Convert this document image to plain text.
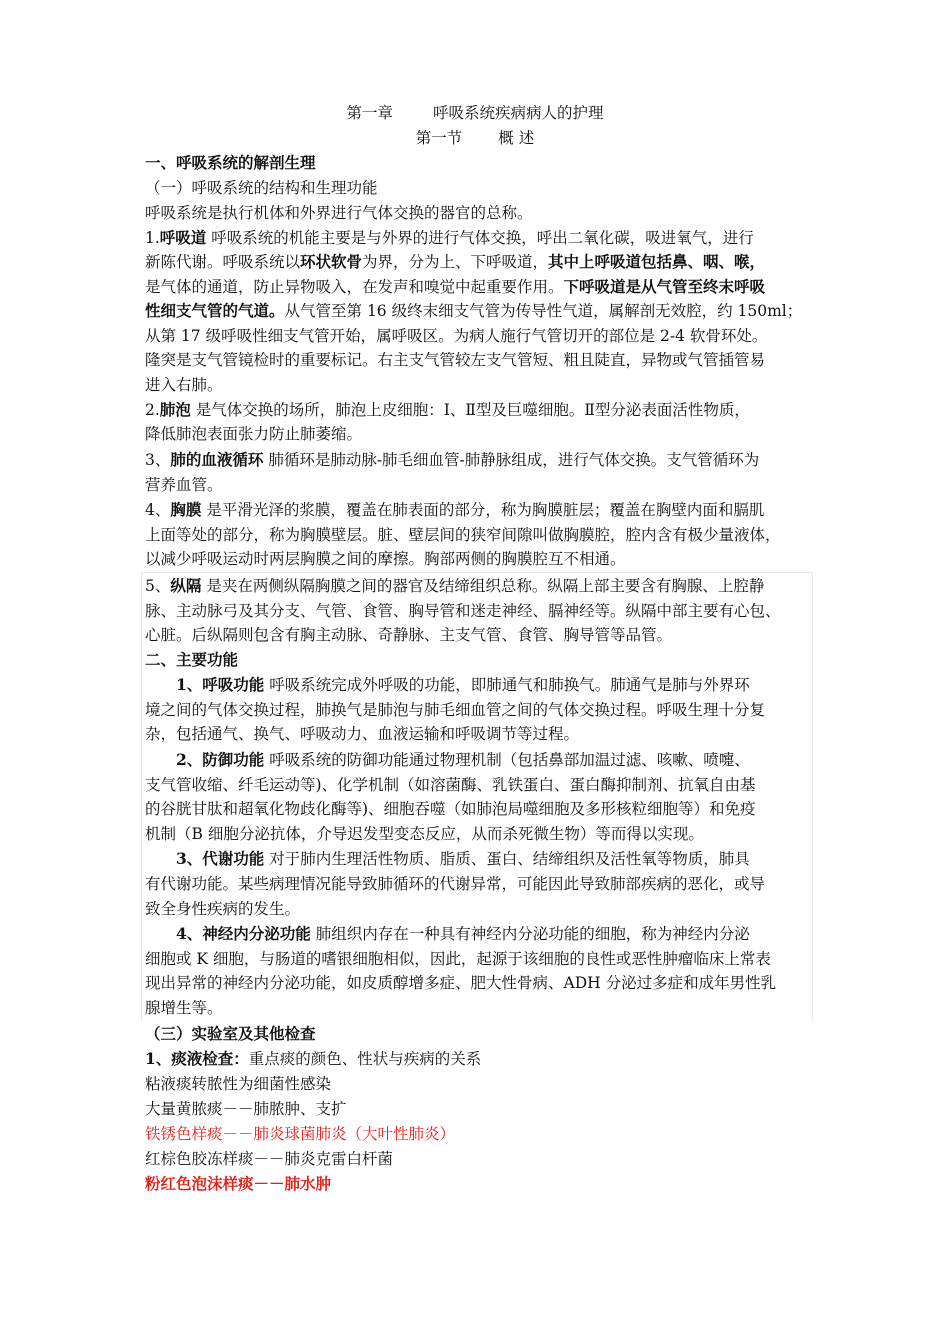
第一章	呼吸系统疾病病人的护理
第一节 概 述
一、呼吸系统的解剖生理
（一）呼吸系统的结构和生理功能
呼吸系统是执行机体和外界进行气体交换的器官的总称。
1.呼吸道 呼吸系统的机能主要是与外界的进行气体交换，呼出二氧化碳，吸进氧气，进行
新陈代谢。呼吸系统以环状软骨为界，分为上、下呼吸道，其中上呼吸道包括鼻、咽、喉，
是气体的通道，防止异物吸入，在发声和嗅觉中起重要作用。下呼吸道是从气管至终末呼吸
性细支气管的气道。从气管至第 16 级终末细支气管为传导性气道，属解剖无效腔，约 150ml；
从第 17 级呼吸性细支气管开始，属呼吸区。为病人施行气管切开的部位是 2-4 软骨环处。
隆突是支气管镜检时的重要标记。右主支气管较左支气管短、粗且陡直，异物或气管插管易
进入右肺。
2.肺泡 是气体交换的场所，肺泡上皮细胞：Ⅰ、Ⅱ型及巨噬细胞。Ⅱ型分泌表面活性物质，
降低肺泡表面张力防止肺萎缩。
3、肺的血液循环 肺循环是肺动脉-肺毛细血管-肺静脉组成，进行气体交换。支气管循环为
营养血管。
4、胸膜 是平滑光泽的浆膜，覆盖在肺表面的部分，称为胸膜脏层；覆盖在胸壁内面和膈肌
上面等处的部分，称为胸膜壁层。脏、壁层间的狭窄间隙叫做胸膜腔，腔内含有极少量液体，
以减少呼吸运动时两层胸膜之间的摩擦。胸部两侧的胸膜腔互不相通。
5、纵隔 是夹在两侧纵隔胸膜之间的器官及结缔组织总称。纵隔上部主要含有胸腺、上腔静
脉、主动脉弓及其分支、气管、食管、胸导管和迷走神经、膈神经等。纵隔中部主要有心包、
心脏。后纵隔则包含有胸主动脉、奇静脉、主支气管、食管、胸导管等品管。
二、主要功能
1、呼吸功能 呼吸系统完成外呼吸的功能，即肺通气和肺换气。肺通气是肺与外界环
境之间的气体交换过程，肺换气是肺泡与肺毛细血管之间的气体交换过程。呼吸生理十分复
杂，包括通气、换气、呼吸动力、血液运输和呼吸调节等过程。
2、防御功能 呼吸系统的防御功能通过物理机制（包括鼻部加温过滤、咳嗽、喷嚏、
支气管收缩、纤毛运动等)、化学机制（如溶菌酶、乳铁蛋白、蛋白酶抑制剂、抗氧自由基
的谷胱甘肽和超氧化物歧化酶等)、细胞吞噬（如肺泡局噬细胞及多形核粒细胞等）和免疫
机制（B 细胞分泌抗体，介导迟发型变态反应，从而杀死微生物）等而得以实现。
3、代谢功能 对于肺内生理活性物质、脂质、蛋白、结缔组织及活性氧等物质，肺具
有代谢功能。某些病理情况能导致肺循环的代谢异常，可能因此导致肺部疾病的恶化，或导
致全身性疾病的发生。
4、神经内分泌功能 肺组织内存在一种具有神经内分泌功能的细胞，称为神经内分泌
细胞或 K 细胞，与肠道的嗜银细胞相似，因此，起源于该细胞的良性或恶性肿瘤临床上常表
现出异常的神经内分泌功能，如皮质醇增多症、肥大性骨病、ADH 分泌过多症和成年男性乳
腺增生等。
（三）实验室及其他检查
1、痰液检查：重点痰的颜色、性状与疾病的关系
粘液痰转脓性为细菌性感染
大量黄脓痰－－肺脓肿、支扩
铁锈色样痰－－肺炎球菌肺炎（大叶性肺炎）
红棕色胶冻样痰－－肺炎克雷白杆菌
粉红色泡沫样痰－－肺水肿
